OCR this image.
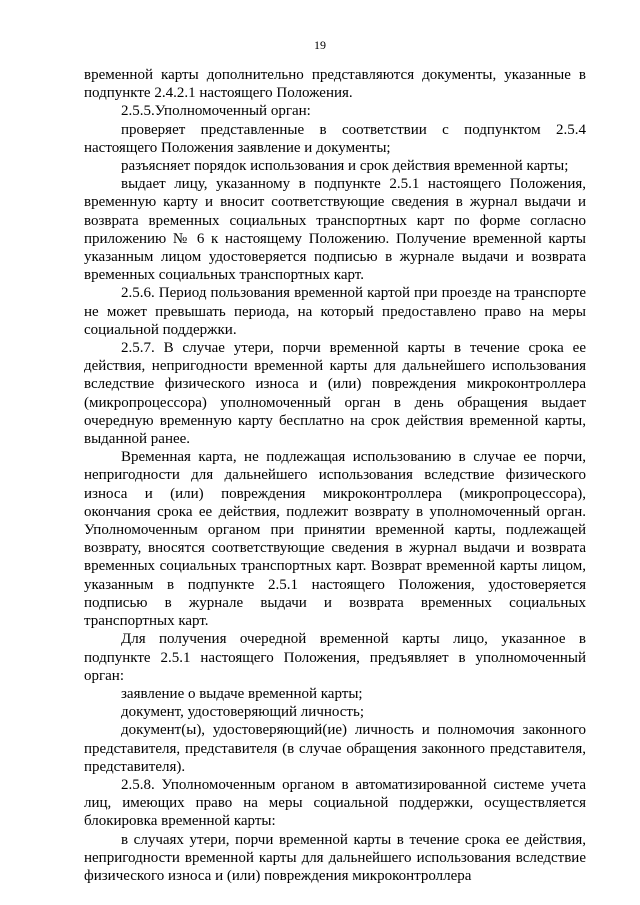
19

временной карты дополнительно представляются документы, указанные в подпункте 2.4.2.1 настоящего Положения.

2.5.5.Уполномоченный орган:

проверяет представленные в соответствии с подпунктом 2.5.4 настоящего Положения заявление и документы;

разъясняет порядок использования и срок действия временной карты;

выдает лицу, указанному в подпункте 2.5.1 настоящего Положения, временную карту и вносит соответствующие сведения в журнал выдачи и возврата временных социальных транспортных карт по форме согласно приложению № 6 к настоящему Положению. Получение временной карты указанным лицом удостоверяется подписью в журнале выдачи и возврата временных социальных транспортных карт.

2.5.6. Период пользования временной картой при проезде на транспорте не может превышать периода, на который предоставлено право на меры социальной поддержки.

2.5.7. В случае утери, порчи временной карты в течение срока ее действия, непригодности временной карты для дальнейшего использования вследствие физического износа и (или) повреждения микроконтроллера (микропроцессора) уполномоченный орган в день обращения выдает очередную временную карту бесплатно на срок действия временной карты, выданной ранее.

Временная карта, не подлежащая использованию в случае ее порчи, непригодности для дальнейшего использования вследствие физического износа и (или) повреждения микроконтроллера (микропроцессора), окончания срока ее действия, подлежит возврату в уполномоченный орган. Уполномоченным органом при принятии временной карты, подлежащей возврату, вносятся соответствующие сведения в журнал выдачи и возврата временных социальных транспортных карт. Возврат временной карты лицом, указанным в подпункте 2.5.1 настоящего Положения, удостоверяется подписью в журнале выдачи и возврата временных социальных транспортных карт.

Для получения очередной временной карты лицо, указанное в подпункте 2.5.1 настоящего Положения, предъявляет в уполномоченный орган:

заявление о выдаче временной карты;

документ, удостоверяющий личность;

документ(ы), удостоверяющий(ие) личность и полномочия законного представителя, представителя (в случае обращения законного представителя, представителя).

2.5.8. Уполномоченным органом в автоматизированной системе учета лиц, имеющих право на меры социальной поддержки, осуществляется блокировка временной карты:

в случаях утери, порчи временной карты в течение срока ее действия, непригодности временной карты для дальнейшего использования вследствие физического износа и (или) повреждения микроконтроллера
